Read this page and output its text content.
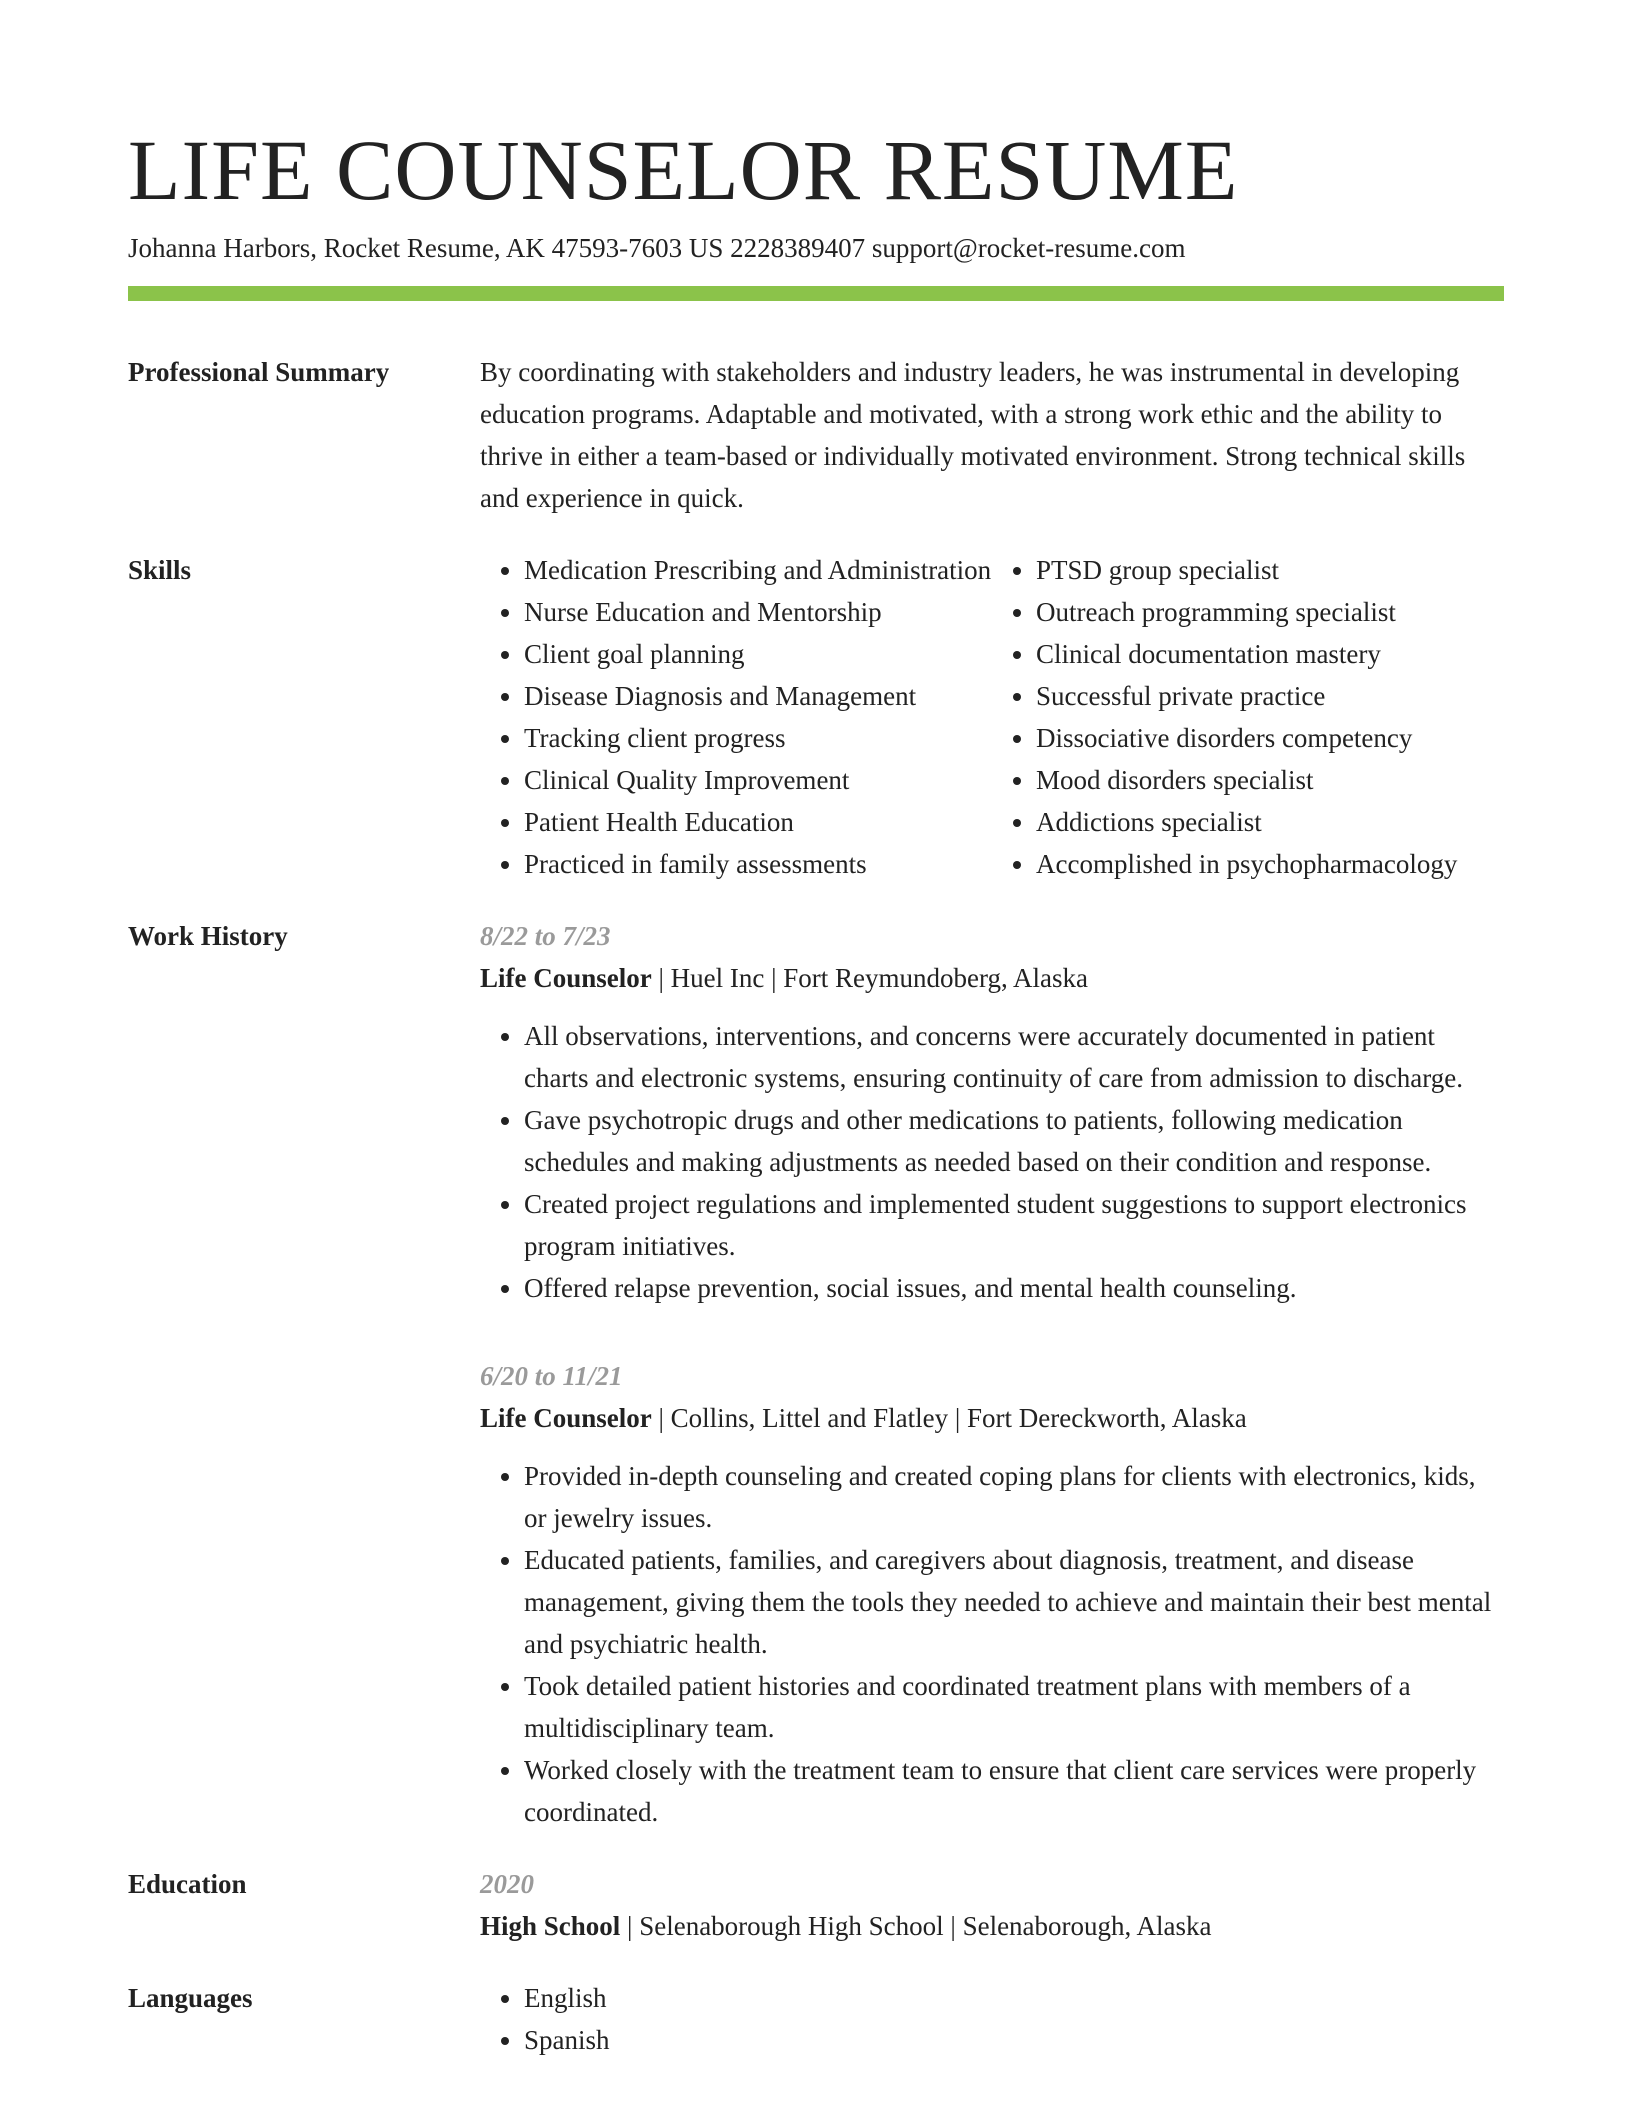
LIFE COUNSELOR RESUME
Johanna Harbors, Rocket Resume, AK 47593-7603 US 2228389407 support@rocket-resume.com
Professional Summary	By coordinating with stakeholders and industry leaders, he was instrumental in developing education programs. Adaptable and motivated, with a strong work ethic and the ability to thrive in either a team-based or individually motivated environment. Strong technical skills and experience in quick.

Skills	• Medication Prescribing and Administration
• Nurse Education and Mentorship
• Client goal planning
• Disease Diagnosis and Management
• Tracking client progress
• Clinical Quality Improvement
• Patient Health Education
• Practiced in family assessments
• PTSD group specialist
• Outreach programming specialist
• Clinical documentation mastery
• Successful private practice
• Dissociative disorders competency
• Mood disorders specialist
• Addictions specialist
• Accomplished in psychopharmacology
Work History	8/22 to 7/23
Life Counselor | Huel Inc | Fort Reymundoberg, Alaska
• All observations, interventions, and concerns were accurately documented in patient charts and electronic systems, ensuring continuity of care from admission to discharge.
• Gave psychotropic drugs and other medications to patients, following medication schedules and making adjustments as needed based on their condition and response.
• Created project regulations and implemented student suggestions to support electronics program initiatives.
• Offered relapse prevention, social issues, and mental health counseling.
6/20 to 11/21
Life Counselor | Collins, Littel and Flatley | Fort Dereckworth, Alaska
• Provided in-depth counseling and created coping plans for clients with electronics, kids, or jewelry issues.
• Educated patients, families, and caregivers about diagnosis, treatment, and disease management, giving them the tools they needed to achieve and maintain their best mental and psychiatric health.
• Took detailed patient histories and coordinated treatment plans with members of a multidisciplinary team.
• Worked closely with the treatment team to ensure that client care services were properly coordinated.
Education	2020
High School | Selenaborough High School | Selenaborough, Alaska
Languages	• English
• Spanish
